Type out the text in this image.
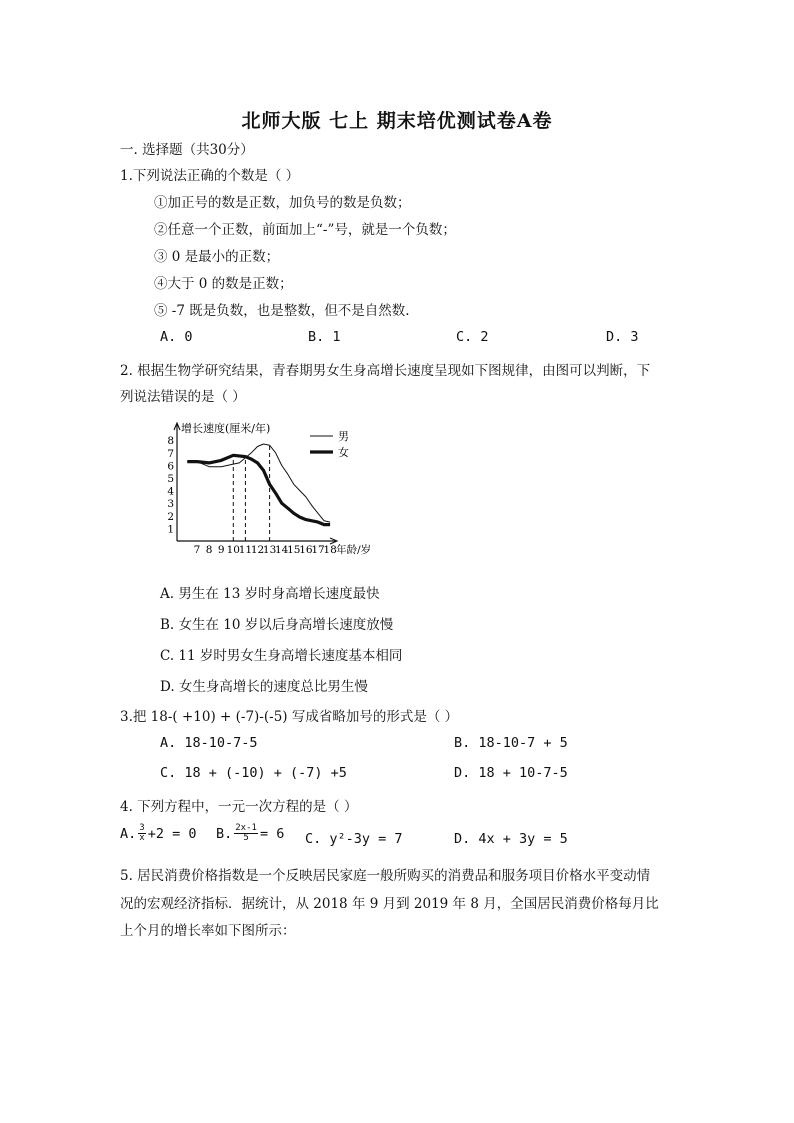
北师大版 七上 期末培优测试卷A卷
一. 选择题（共30分）
1.下列说法正确的个数是（ ）
①加正号的数是正数，加负号的数是负数；
②任意一个正数，前面加上“-”号，就是一个负数；
③ 0 是最小的正数；
④大于 0 的数是正数；
⑤ -7 既是负数，也是整数，但不是自然数.
A. 0	B. 1	C. 2	D. 3
2. 根据生物学研究结果，青春期男女生身高增长速度呈现如下图规律，由图可以判断，下
列说法错误的是（ ）
增长速度(厘米/年)
1
2
3
4
5
6
7
8
7 8 9 10
11
12
13
14
15
16
17
18 年龄/岁
男
女
A. 男生在 13 岁时身高增长速度最快
B. 女生在 10 岁以后身高增长速度放慢
C. 11 岁时男女生身高增长速度基本相同
D. 女生身高增长的速度总比男生慢
3.把 18-( +10) + (-7)-(-5) 写成省略加号的形式是（ ）
A. 18-10-7-5	B. 18-10-7 + 5
C. 18 + (-10) + (-7) +5	D. 18 + 10-7-5
4. 下列方程中，一元一次方程的是（ ）
A. $\frac{3}{x} +2 = 0$ B. $\frac{2x-1}{5} = 6$ C. y²-3y = 7	D. 4x + 3y = 5
5. 居民消费价格指数是一个反映居民家庭一般所购买的消费品和服务项目价格水平变动情
况的宏观经济指标．据统计，从 2018 年 9 月到 2019 年 8 月，全国居民消费价格每月比
上个月的增长率如下图所示：
